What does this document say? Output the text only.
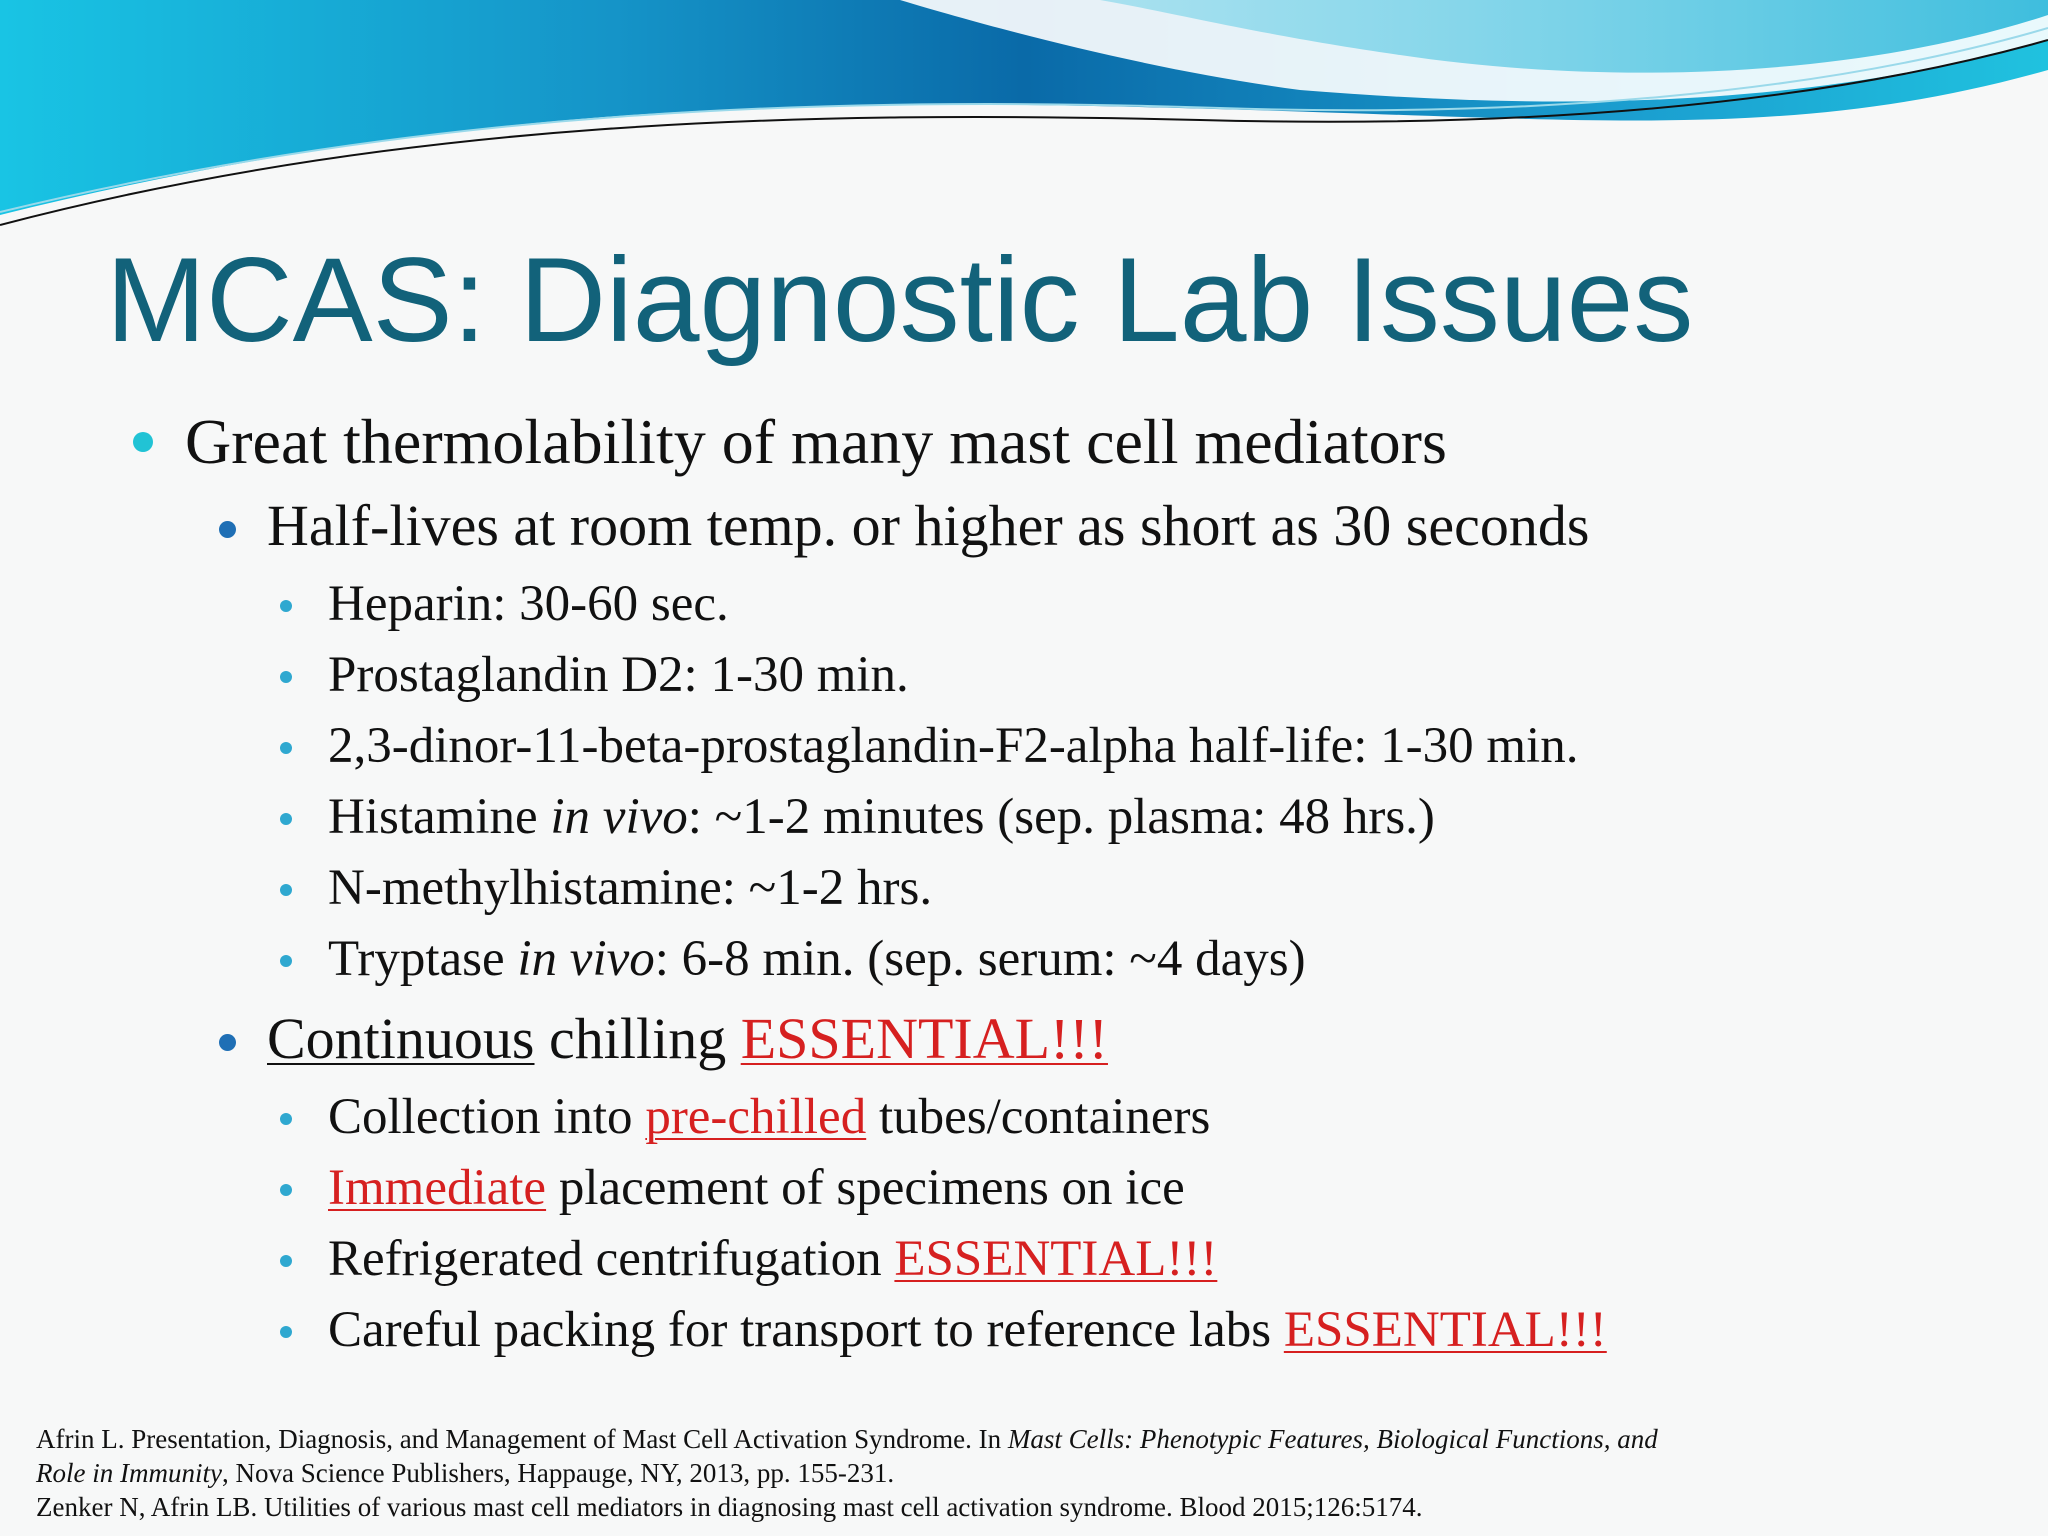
MCAS: Diagnostic Lab Issues
Great thermolability of many mast cell mediators
Half-lives at room temp. or higher as short as 30 seconds
Heparin: 30-60 sec.
Prostaglandin D2: 1-30 min.
2,3-dinor-11-beta-prostaglandin-F2-alpha half-life: 1-30 min.
Histamine in vivo: ~1-2 minutes (sep. plasma: 48 hrs.)
N-methylhistamine: ~1-2 hrs.
Tryptase in vivo: 6-8 min. (sep. serum: ~4 days)
Continuous chilling ESSENTIAL!!!
Collection into pre-chilled tubes/containers
Immediate placement of specimens on ice
Refrigerated centrifugation ESSENTIAL!!!
Careful packing for transport to reference labs ESSENTIAL!!!

Afrin L. Presentation, Diagnosis, and Management of Mast Cell Activation Syndrome. In Mast Cells: Phenotypic Features, Biological Functions, and
Role in Immunity, Nova Science Publishers, Happauge, NY, 2013, pp. 155-231.

Zenker N, Afrin LB. Utilities of various mast cell mediators in diagnosing mast cell activation syndrome. Blood 2015;126:5174.
